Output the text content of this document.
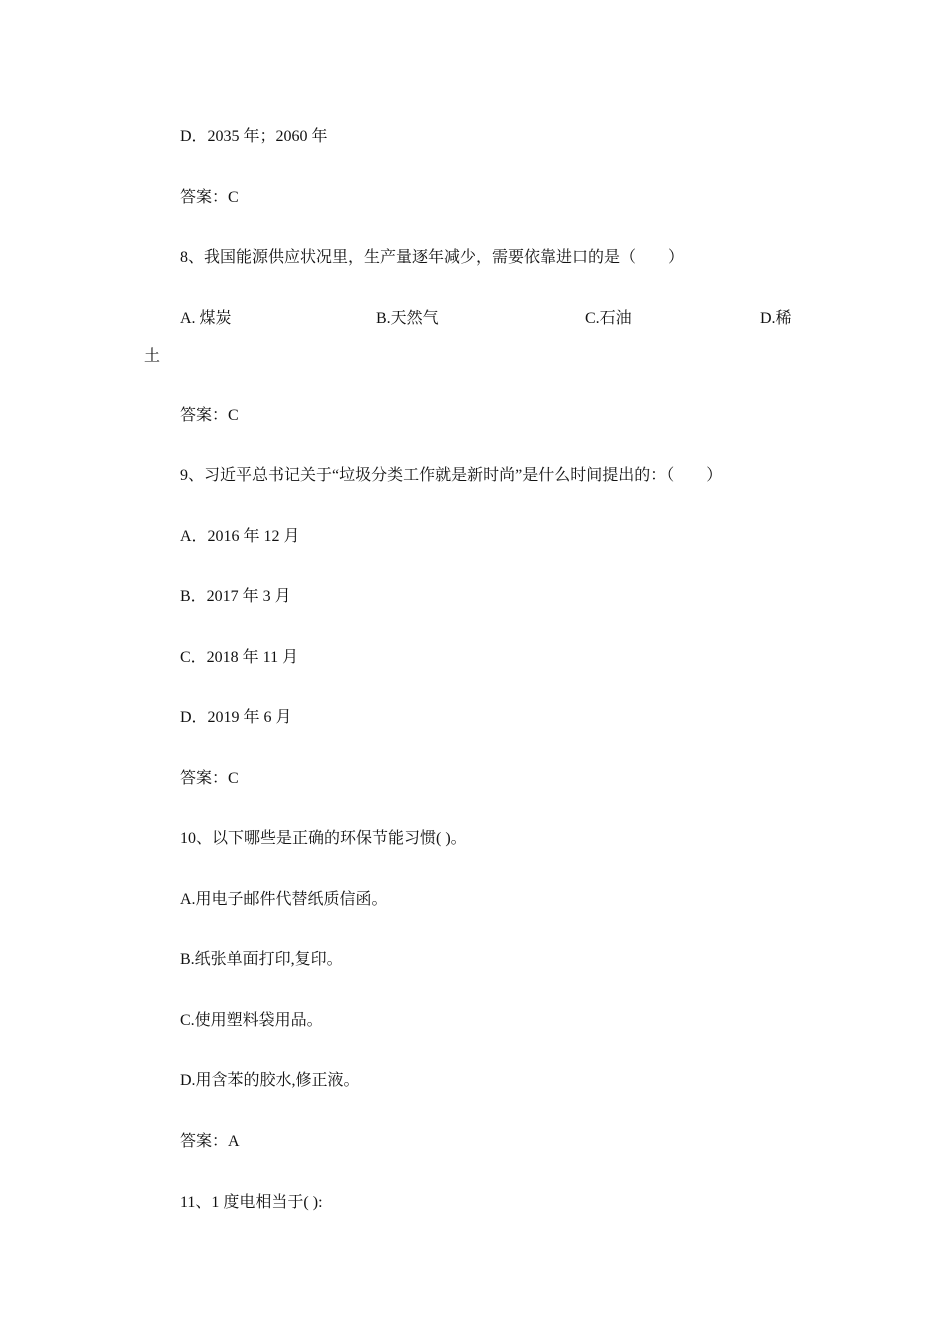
D．2035 年；2060 年
答案：C
8、我国能源供应状况里，生产量逐年减少，需要依靠进口的是（　　）
A. 煤炭	B.天然气	C.石油	D.稀
土
答案：C
9、习近平总书记关于“垃圾分类工作就是新时尚”是什么时间提出的：（　　）
A．2016 年 12 月
B．2017 年 3 月
C．2018 年 11 月
D．2019 年 6 月
答案：C
10、以下哪些是正确的环保节能习惯( )。
A.用电子邮件代替纸质信函。
B.纸张单面打印,复印。
C.使用塑料袋用品。
D.用含苯的胶水,修正液。
答案：A
11、1 度电相当于( ):
